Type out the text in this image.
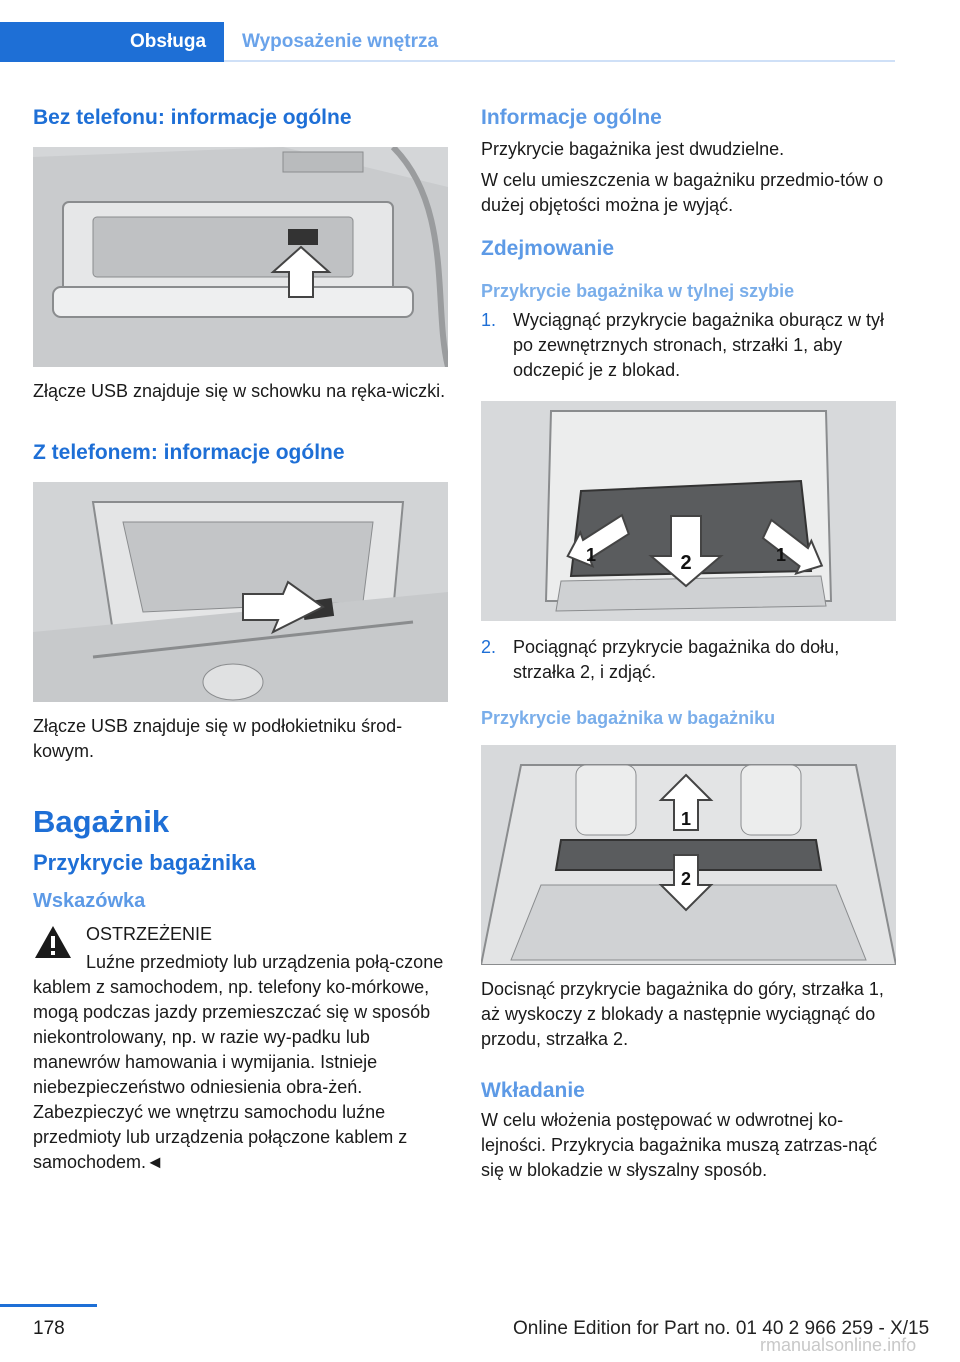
Obsługa	Wyposażenie wnętrza
Bez telefonu: informacje ogólne

Złącze USB znajduje się w schowku na ręka-wiczki.

Z telefonem: informacje ogólne

Złącze USB znajduje się w podłokietniku środ-kowym.

Bagażnik
Przykrycie bagażnika
Wskazówka

OSTRZEŻENIE

Luźne przedmioty lub urządzenia połą-czone kablem z samochodem, np. telefony ko-mórkowe, mogą podczas jazdy przemieszczać się w sposób niekontrolowany, np. w razie wy-padku lub manewrów hamowania i wymijania. Istnieje niebezpieczeństwo odniesienia obra-żeń. Zabezpieczyć we wnętrzu samochodu luźne przedmioty lub urządzenia połączone kablem z samochodem.◄

Informacje ogólne

Przykrycie bagażnika jest dwudzielne.

W celu umieszczenia w bagażniku przedmio-tów o dużej objętości można je wyjąć.

Zdejmowanie
Przykrycie bagażnika w tylnej szybie
1. Wyciągnąć przykrycie bagażnika oburącz w tył po zewnętrznych stronach, strzałki 1, aby odczepić je z blokad.
2
1	1
2. Pociągnąć przykrycie bagażnika do dołu, strzałka 2, i zdjąć.
Przykrycie bagażnika w bagażniku
1
2

Docisnąć przykrycie bagażnika do góry, strzałka 1, aż wyskoczy z blokady a następnie wyciągnąć do przodu, strzałka 2.

Wkładanie

W celu włożenia postępować w odwrotnej ko-lejności. Przykrycia bagażnika muszą zatrzas-nąć się w blokadzie w słyszalny sposób.

178	Online Edition for Part no. 01 40 2 966 259 - X/15
rmanualsonline.info
